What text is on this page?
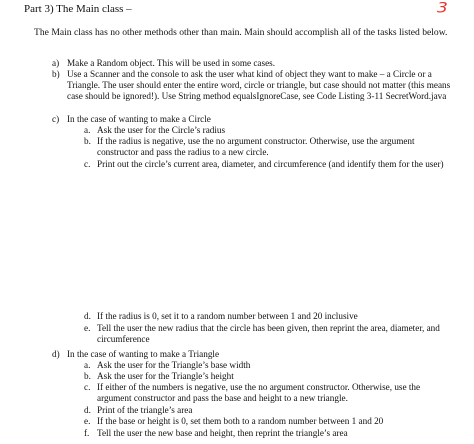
Part 3) The Main class –	3
The Main class has no other methods other than main. Main should accomplish all of the tasks listed below.
a) Make a Random object. This will be used in some cases.
b) Use a Scanner and the console to ask the user what kind of object they want to make – a Circle or a Triangle. The user should enter the entire word, circle or triangle, but case should not matter (this means case should be ignored!). Use String method equalsIgnoreCase, see Code Listing 3-11 SecretWord.java
c) In the case of wanting to make a Circle
a. Ask the user for the Circle’s radius
b. If the radius is negative, use the no argument constructor. Otherwise, use the argument constructor and pass the radius to a new circle.
c. Print out the circle’s current area, diameter, and circumference (and identify them for the user)
d. If the radius is 0, set it to a random number between 1 and 20 inclusive
e. Tell the user the new radius that the circle has been given, then reprint the area, diameter, and circumference
d) In the case of wanting to make a Triangle
a. Ask the user for the Triangle’s base width
b. Ask the user for the Triangle’s height
c. If either of the numbers is negative, use the no argument constructor. Otherwise, use the argument constructor and pass the base and height to a new triangle.
d. Print of the triangle’s area
e. If the base or height is 0, set them both to a random number between 1 and 20
f. Tell the user the new base and height, then reprint the triangle’s area
